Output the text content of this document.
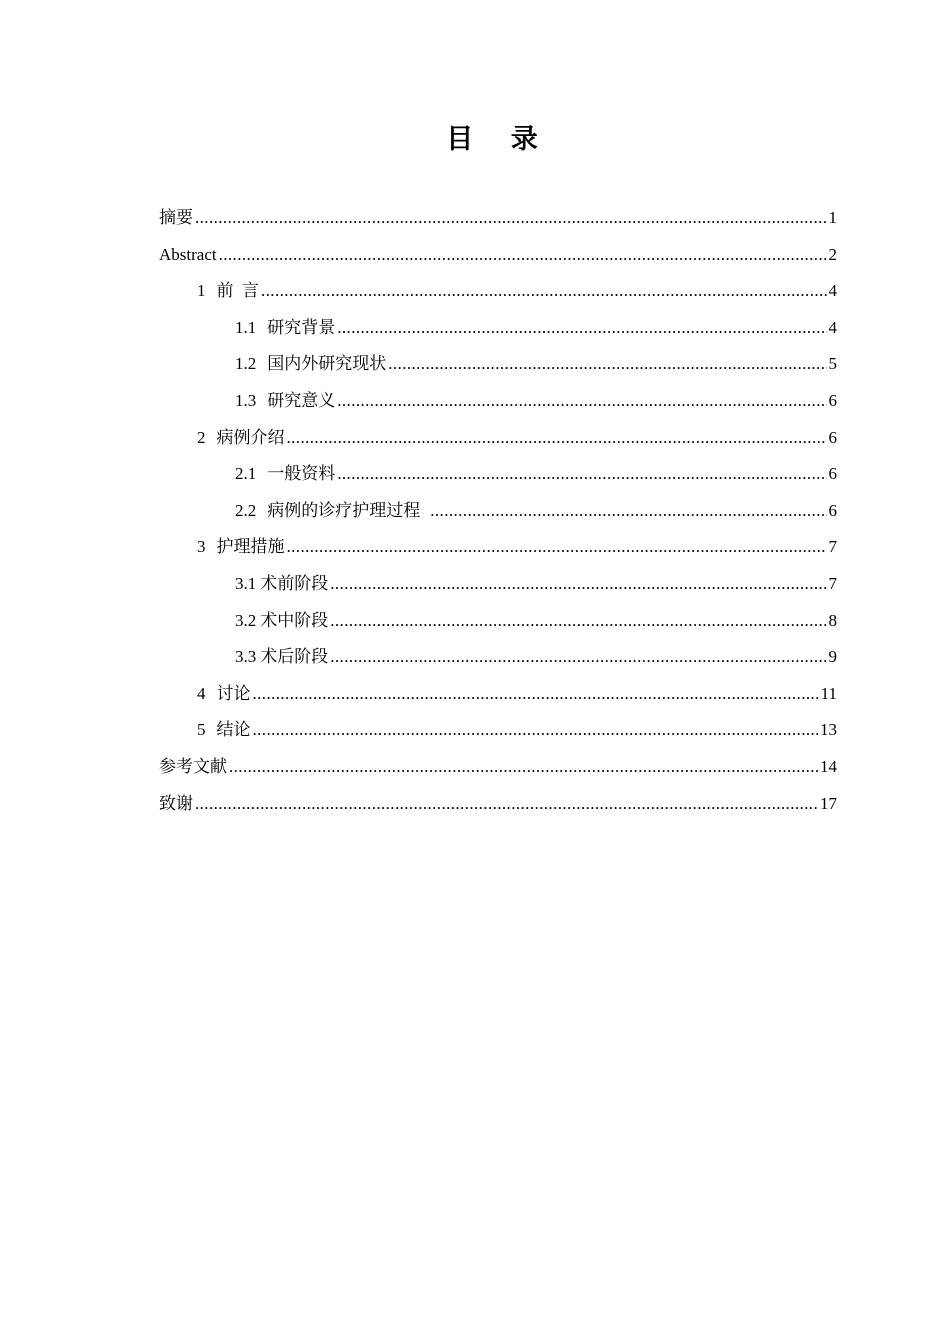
目 录
摘要 .....	1
Abstract .....	2
1 前  言 .....	4
1.1 研究背景 .....	4
1.2 国内外研究现状 .....	5
1.3 研究意义 .....	6
2 病例介绍 .....	6
2.1 一般资料 .....	6
2.2 病例的诊疗护理过程 .....	6
3 护理措施 .....	7
3.1 术前阶段 .....	7
3.2 术中阶段 .....	8
3.3 术后阶段 .....	9
4 讨论 .....	11
5 结论 .....	13
参考文献 .....	14
致谢 .....	17
